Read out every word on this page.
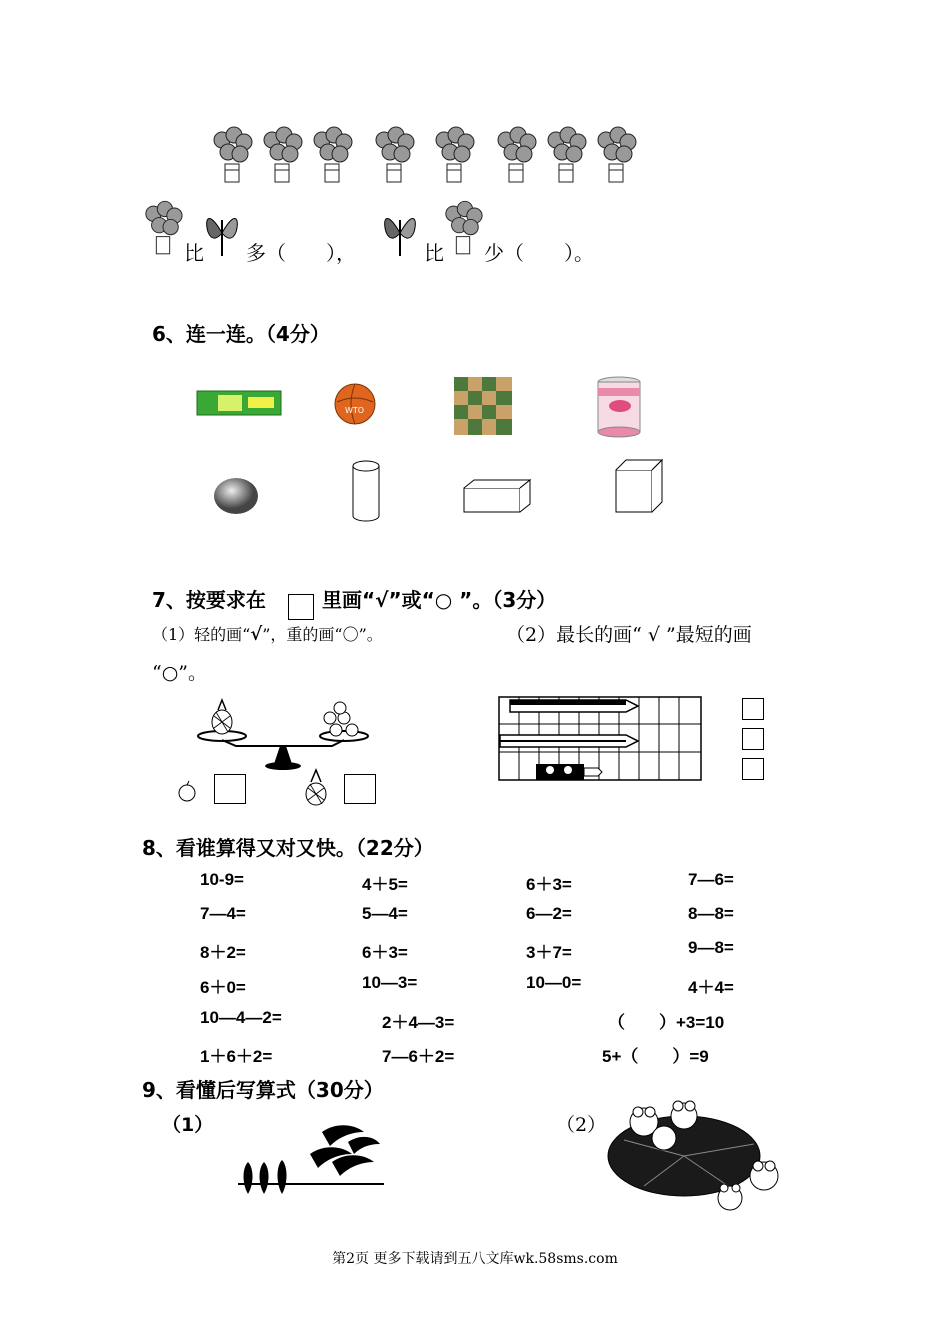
比 多（　　），	比 少（　　）。
6、连一连。（4分）
WTO
7、按要求在	里画“√”或“○ ”。（3分）
（1）轻的画“√”，重的画“〇”。	（2）最长的画“ √ ”最短的画
“○”。
8、看谁算得又对又快。（22分）
10-9=	4＋5=	6＋3=	7—6=
7—4=	5—4=	6—2=	8—8=
8＋2=	6＋3=	3＋7=	9—8=
6＋0=	10—3=	10—0=	4＋4=
10—4—2=	2＋4—3=	（　　）+3=10
1＋6＋2=	7—6＋2=	5+（　　）=9
9、看懂后写算式（30分）
（1）	（2）
第2页 更多下载请到五八文库wk.58sms.com
